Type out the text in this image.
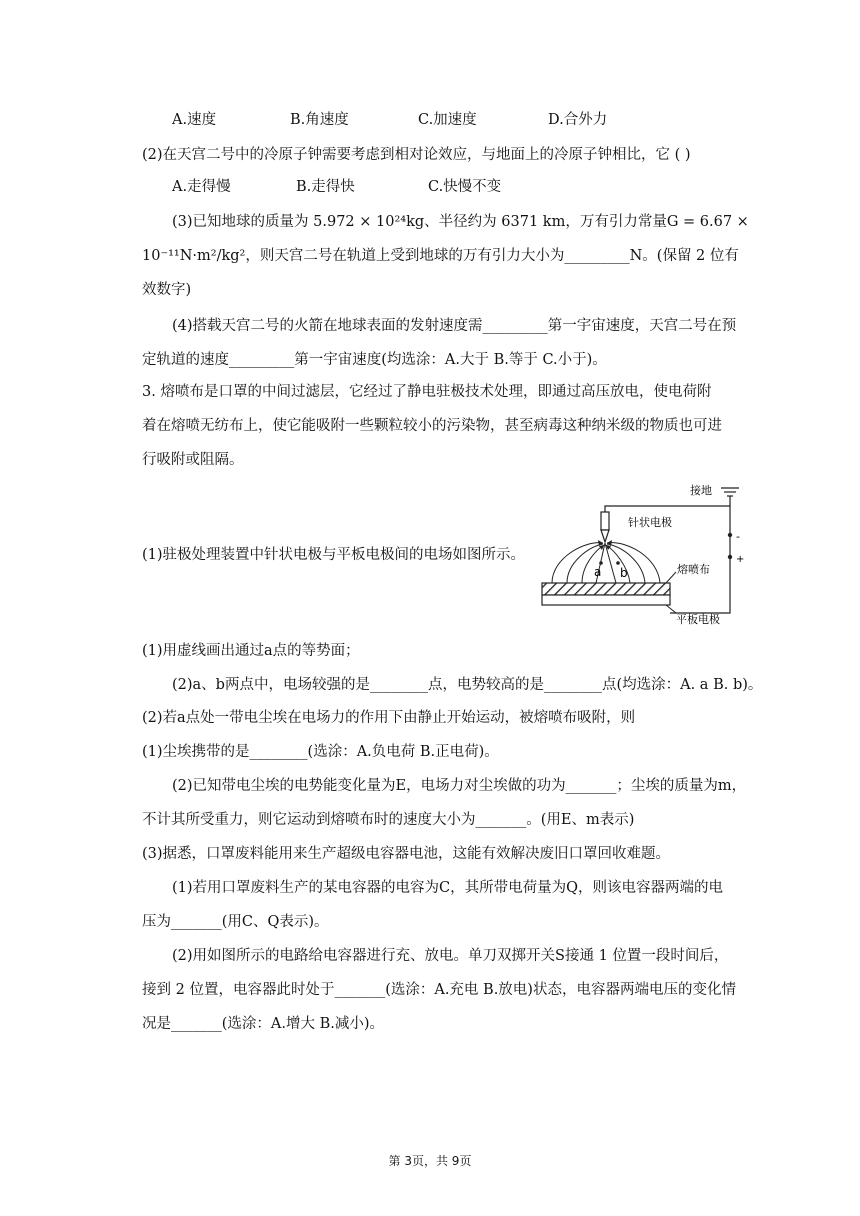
A.速度	B.角速度	C.加速度	D.合外力
(2)在天宫二号中的冷原子钟需要考虑到相对论效应，与地面上的冷原子钟相比，它 ( )
A.走得慢	B.走得快	C.快慢不变
(3)已知地球的质量为 5.972 × 10²⁴kg、半径约为 6371 km，万有引力常量G = 6.67 ×
10⁻¹¹N·m²/kg²，则天宫二号在轨道上受到地球的万有引力大小为_________N。(保留 2 位有
效数字)
(4)搭载天宫二号的火箭在地球表面的发射速度需_________第一宇宙速度，天宫二号在预
定轨道的速度_________第一宇宙速度(均选涂：A.大于 B.等于 C.小于)。
3. 熔喷布是口罩的中间过滤层，它经过了静电驻极技术处理，即通过高压放电，使电荷附
着在熔喷无纺布上，使它能吸附一些颗粒较小的污染物，甚至病毒这种纳米级的物质也可进
行吸附或阻隔。
(1)驻极处理装置中针状电极与平板电极间的电场如图所示。
接地
针状电极
-
+
a b	熔喷布
平板电极
(1)用虚线画出通过a点的等势面；
(2)a、b两点中，电场较强的是________点，电势较高的是________点(均选涂：A. a B. b)。
(2)若a点处一带电尘埃在电场力的作用下由静止开始运动，被熔喷布吸附，则
(1)尘埃携带的是________(选涂：A.负电荷 B.正电荷)。
(2)已知带电尘埃的电势能变化量为E，电场力对尘埃做的功为_______；尘埃的质量为m，
不计其所受重力，则它运动到熔喷布时的速度大小为_______。(用E、m表示)
(3)据悉，口罩废料能用来生产超级电容器电池，这能有效解决废旧口罩回收难题。
(1)若用口罩废料生产的某电容器的电容为C，其所带电荷量为Q，则该电容器两端的电
压为_______(用C、Q表示)。
(2)用如图所示的电路给电容器进行充、放电。单刀双掷开关S接通 1 位置一段时间后，
接到 2 位置，电容器此时处于_______(选涂：A.充电 B.放电)状态，电容器两端电压的变化情
况是_______(选涂：A.增大 B.减小)。
第 3页，共 9页
